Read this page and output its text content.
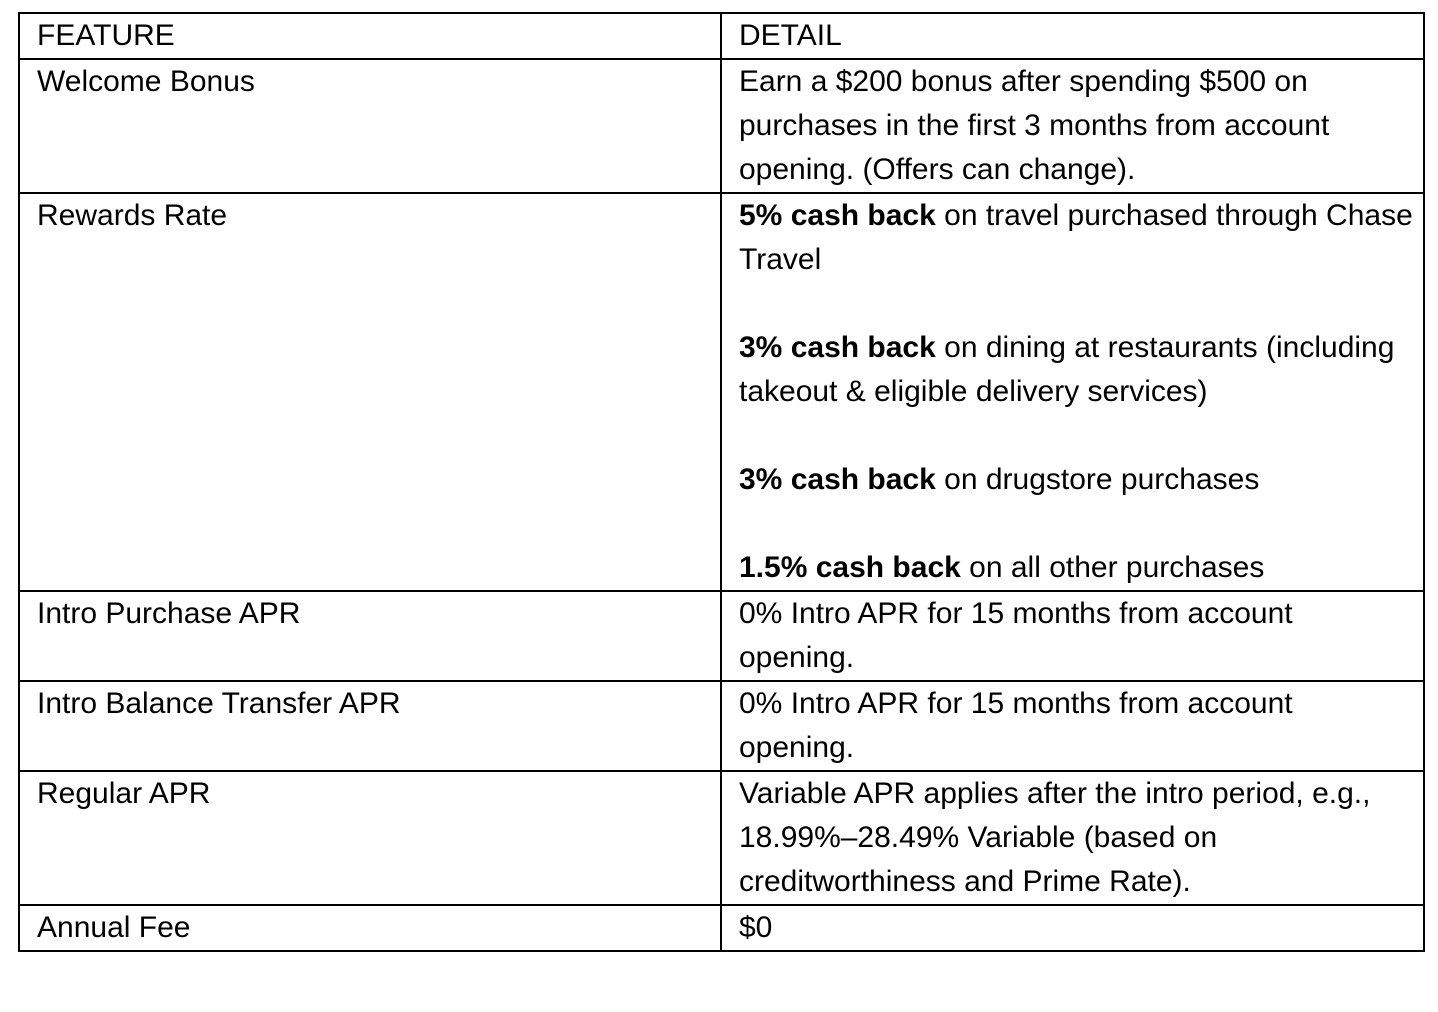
FEATURE	DETAIL
Welcome Bonus	Earn a $200 bonus after spending $500 on purchases in the first 3 months from account opening. (Offers can change).
Rewards Rate	5% cash back on travel purchased through Chase Travel
3% cash back on dining at restaurants (including takeout & eligible delivery services)
3% cash back on drugstore purchases
1.5% cash back on all other purchases

Intro Purchase APR	0% Intro APR for 15 months from account opening.
Intro Balance Transfer APR	0% Intro APR for 15 months from account opening.
Regular APR	Variable APR applies after the intro period, e.g., 18.99%–28.49% Variable (based on creditworthiness and Prime Rate).
Annual Fee	$0
